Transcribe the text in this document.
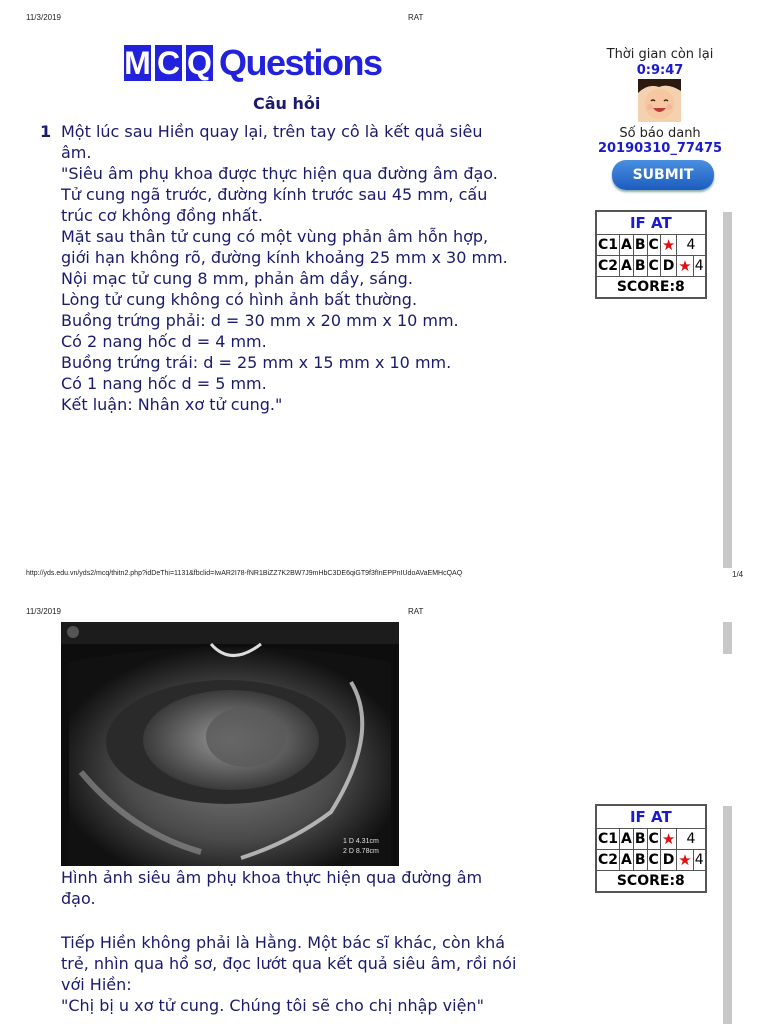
11/3/2019	RAT
M C Q Questions
Câu hỏi
1 Một lúc sau Hiền quay lại, trên tay cô là kết quả siêu âm.
"Siêu âm phụ khoa được thực hiện qua đường âm đạo.
Tử cung ngã trước, đường kính trước sau 45 mm, cấu trúc cơ không đồng nhất.
Mặt sau thân tử cung có một vùng phản âm hỗn hợp, giới hạn không rõ, đường kính khoảng 25 mm x 30 mm.
Nội mạc tử cung 8 mm, phản âm dầy, sáng.
Lòng tử cung không có hình ảnh bất thường.
Buồng trứng phải: d = 30 mm x 20 mm x 10 mm.
Có 2 nang hốc d = 4 mm.
Buồng trứng trái: d = 25 mm x 15 mm x 10 mm.
Có 1 nang hốc d = 5 mm.
Kết luận: Nhân xơ tử cung."
Thời gian còn lại
0:9:47
Số báo danh
20190310_77475
SUBMIT
IF AT						
C1	A	B	C	★	4	
C2	A	B	C	D	★	4
SCORE:8						
http://yds.edu.vn/yds2/mcq/thitn2.php?idDeThi=1131&fbclid=IwAR2I78-fNR1BiZZ7K2BW7J9mHbC3DE6qiGT9f3fInEPPnIUdoAVaEMHcQAQ	1/4
11/3/2019	RAT
1 D 4.31cm
2 D 8.78cm
Hình ảnh siêu âm phụ khoa thực hiện qua đường âm đạo.
Tiếp Hiền không phải là Hằng. Một bác sĩ khác, còn khá trẻ, nhìn qua hồ sơ, đọc lướt qua kết quả siêu âm, rồi nói với Hiền:
"Chị bị u xơ tử cung. Chúng tôi sẽ cho chị nhập viện"
IF AT						
C1	A	B	C	★	4	
C2	A	B	C	D	★	4
SCORE:8						
